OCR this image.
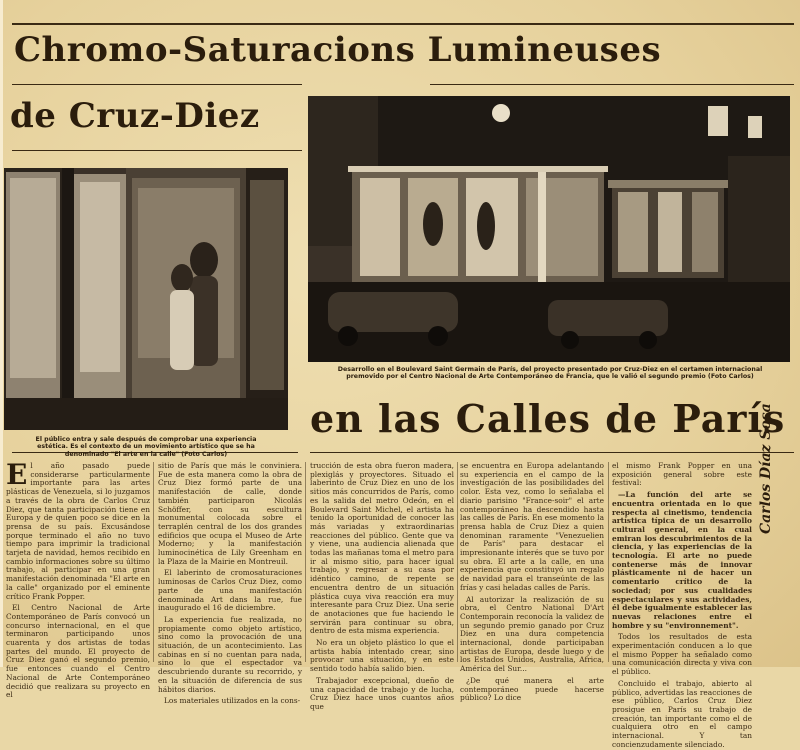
Chromo-Saturacions Lumineuses
de Cruz-Diez
en las Calles de París
El público entra y sale después de comprobar una experiencia estética. Es el contexto de un movimiento artístico que se ha denominado "El arte en la calle" (Foto Carlos)
Desarrollo en el Boulevard Saint Germain de París, del proyecto presentado por Cruz-Diez en el certamen internacional premovido por el Centro Nacional de Arte Contemporáneo de Francia, que le valió el segundo premio (Foto Carlos)

El año pasado puede considerarse particularmente importante para las artes plásticas de Venezuela, si lo juzgamos a través de la obra de Carlos Cruz Diez, que tanta participación tiene en Europa y de quien poco se dice en la prensa de su país. Excusándose porque terminado el año no tuvo tiempo para imprimir la tradicional tarjeta de navidad, hemos recibido en cambio informaciones sobre su último trabajo, al participar en una gran manifestación denominada "El arte en la calle" organizado por el eminente crítico Frank Popper.

El Centro Nacional de Arte Contemporáneo de París convocó un concurso internacional, en el que terminaron participando unos cuarenta y dos artistas de todas partes del mundo. El proyecto de Cruz Diez ganó el segundo premio, fue entonces cuando el Centro Nacional de Arte Contemporáneo decidió que realizara su proyecto en el

sitio de París que más le conviniera. Fue de esta manera como la obra de Cruz Diez formó parte de una manifestación de calle, donde también participaron Nicolás Schöffer, con su escultura monumental colocada sobre el terraplén central de los dos grandes edificios que ocupa el Museo de Arte Moderno; y la manifestación luminocinética de Lily Greenham en la Plaza de la Mairie en Montreuil.

El laberinto de cromosaturaciones luminosas de Carlos Cruz Diez, como parte de una manifestación denominada Art dans la rue, fue inaugurado el 16 de diciembre.

La experiencia fue realizada, no propiamente como objeto artístico, sino como la provocación de una situación, de un acontecimiento. Las cabinas en sí no cuentan para nada, sino lo que el espectador va descubriendo durante su recorrido, y en la situación de diferencia de sus hábitos diarios.

Los materiales utilizados en la cons-

trucción de esta obra fueron madera, plexiglás y proyectores. Situado el laberinto de Cruz Diez en uno de los sitios más concurridos de París, como es la salida del metro Odeón, en el Boulevard Saint Michel, el artista ha tenido la oportunidad de conocer las más variadas y extraordinarias reacciones del público. Gente que va y viene, una audiencia alienada que todas las mañanas toma el metro para ir al mismo sitio, para hacer igual trabajo, y regresar a su casa por idéntico camino, de repente se encuentra dentro de un situación plástica cuya viva reacción era muy interesante para Cruz Diez. Una serie de anotaciones que fue haciendo le servirán para continuar su obra, dentro de esta misma experiencia.

No era un objeto plástico lo que el artista había intentado crear, sino provocar una situación, y en este sentido todo había salido bien.

Trabajador excepcional, dueño de una capacidad de trabajo y de lucha, Cruz Diez hace unos cuantos años que

se encuentra en Europa adelantando su experiencia en el campo de la investigación de las posibilidades del color. Esta vez, como lo señalaba el diario parisino "France-soir" el arte contemporáneo ha descendido hasta las calles de París. En ese momento la prensa habla de Cruz Diez a quien denominan raramente "Venezuelien de París" para destacar el impresionante interés que se tuvo por su obra. El arte a la calle, en una experiencia que constituyó un regalo de navidad para el transeúnte de las frías y casi heladas calles de París.

Al autorizar la realización de su obra, el Centro National D'Art Contemporain reconocía la validez de un segundo premio ganado por Cruz Diez en una dura competencia internacional, donde participaban artistas de Europa, desde luego y de los Estados Unidos, Australia, Africa, América del Sur...

¿De qué manera el arte contemporáneo puede hacerse público? Lo dice

el mismo Frank Popper en una exposición general sobre este festival:

—La función del arte se encuentra orientada en lo que respecta al cinetismo, tendencia artística típica de un desarrollo cultural general, en la cual emiran los descubrimientos de la ciencia, y las experiencias de la tecnología. El arte no puede contenerse más de innovar plásticamente ni de hacer un comentario crítico de la sociedad; por sus cualidades espectaculares y sus actividades, él debe igualmente establecer las nuevas relaciones entre el hombre y su "environnement".

Todos los resultados de esta experimentación conducen a lo que el mismo Popper ha señalado como una comunicación directa y viva con el público.

Concluido el trabajo, abierto al público, advertidas las reacciones de ese público, Carlos Cruz Diez prosigue en París su trabajo de creación, tan importante como el de cualquiera otro en el campo internacional. Y tan concienzudamente silenciado.

Carlos Díaz Sosa
